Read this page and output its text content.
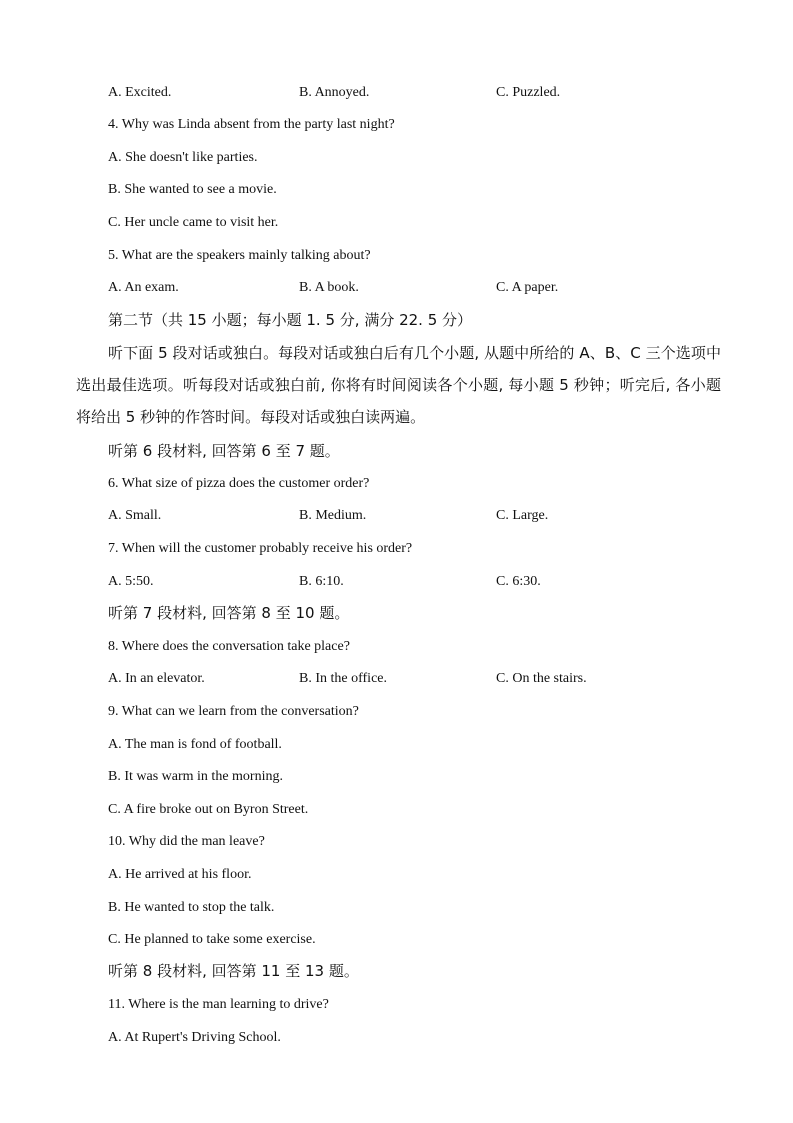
A. Excited.	B. Annoyed.	C. Puzzled.
4. Why was Linda absent from the party last night?
A. She doesn't like parties.
B. She wanted to see a movie.
C. Her uncle came to visit her.
5. What are the speakers mainly talking about?
A. An exam.	B. A book.	C. A paper.
第二节（共 15 小题；每小题 1. 5 分, 满分 22. 5 分）
听下面 5 段对话或独白。每段对话或独白后有几个小题, 从题中所给的 A、B、C 三个选项中选出最佳选项。听每段对话或独白前, 你将有时间阅读各个小题, 每小题 5 秒钟；听完后, 各小题将给出 5 秒钟的作答时间。每段对话或独白读两遍。
听第 6 段材料, 回答第 6 至 7 题。
6. What size of pizza does the customer order?
A. Small.	B. Medium.	C. Large.
7. When will the customer probably receive his order?
A. 5:50.	B. 6:10.	C. 6:30.
听第 7 段材料, 回答第 8 至 10 题。
8. Where does the conversation take place?
A. In an elevator.	B. In the office.	C. On the stairs.
9. What can we learn from the conversation?
A. The man is fond of football.
B. It was warm in the morning.
C. A fire broke out on Byron Street.
10. Why did the man leave?
A. He arrived at his floor.
B. He wanted to stop the talk.
C. He planned to take some exercise.
听第 8 段材料, 回答第 11 至 13 题。
11. Where is the man learning to drive?
A. At Rupert's Driving School.
